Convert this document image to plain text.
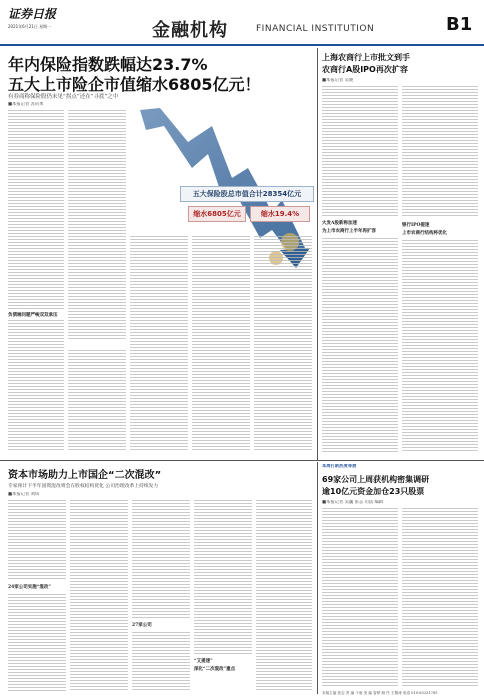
证券日报
2021年6月21日 星期一	金融机构	FINANCIAL INSTITUTION	B1
年内保险指数跌幅达23.7%
五大上市险企市值缩水6805亿元！
有券商称保险股仍未见“拐点”还在“寻底”之中
五大保险股总市值合计28354亿元
缩水6805亿元	缩水19.4%
■本报记者 苏向果
负债端问题严峻双双承压
上海农商行上市批文到手
农商行A股IPO再次扩容
■本报记者 吴晓
大发A股新称加速
为上市农商行上半年再扩容
银行IPO提速
上市农商行结构将优化
资本市场助力上市国企“二次混改”
专家预计下半年国资混改将会在股权结构优化 公司治理改革上持续发力
■本报记者 刘琪
24家公司实施“混改”
27家公司
“又提速”
深化“二次混改”重点
本周打新热度等展
69家公司上周获机构密集调研
逾10亿元资金加仓23只股票
■本报记者 吴巍 张志 司法 编辑
本版主编 张志 责 编 于南 美 编 曾梦 制 作 王敬涛 电话 010-83251785
